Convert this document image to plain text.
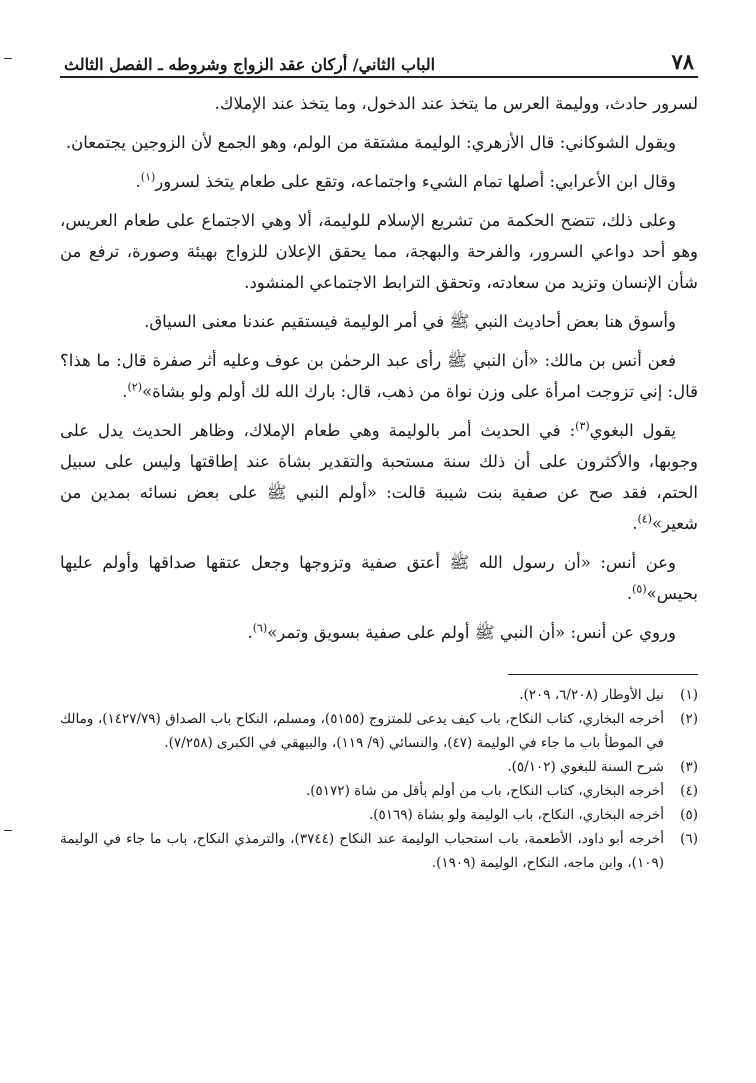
٧٨
الباب الثاني/ أركان عقد الزواج وشروطه ـ الفصل الثالث

لسرور حادث، ووليمة العرس ما يتخذ عند الدخول، وما يتخذ عند الإملاك.

ويقول الشوكاني: قال الأزهري: الوليمة مشتقة من الولم، وهو الجمع لأن الزوجين يجتمعان.

وقال ابن الأعرابي: أصلها تمام الشيء واجتماعه، وتقع على طعام يتخذ لسرور$^{(١)}$.

وعلى ذلك، تتضح الحكمة من تشريع الإسلام للوليمة، ألا وهي الاجتماع على طعام العريس، وهو أحد دواعي السرور، والفرحة والبهجة، مما يحقق الإعلان للزواج بهيئة وصورة، ترفع من شأن الإنسان وتزيد من سعادته، وتحقق الترابط الاجتماعي المنشود.

وأسوق هنا بعض أحاديث النبي ﷺ في أمر الوليمة فيستقيم عندنا معنى السياق.

فعن أنس بن مالك: «أن النبي ﷺ رأى عبد الرحمٰن بن عوف وعليه أثر صفرة قال: ما هذا؟ قال: إني تزوجت امرأة على وزن نواة من ذهب، قال: بارك الله لك أولم ولو بشاة»$^{(٢)}$.

يقول البغوي$^{(٣)}$: في الحديث أمر بالوليمة وهي طعام الإملاك، وظاهر الحديث يدل على وجوبها، والأكثرون على أن ذلك سنة مستحبة والتقدير بشاة عند إطاقتها وليس على سبيل الحتم، فقد صح عن صفية بنت شيبة قالت: «أولم النبي ﷺ على بعض نسائه بمدين من شعير»$^{(٤)}$.

وعن أنس: «أن رسول الله ﷺ أعتق صفية وتزوجها وجعل عتقها صداقها وأولم عليها بحيس»$^{(٥)}$.

وروي عن أنس: «أن النبي ﷺ أولم على صفية بسويق وتمر»$^{(٦)}$.

(١)
نيل الأوطار (٦/٢٠٨، ٢٠٩).
(٢)
أخرجه البخاري، كتاب النكاح، باب كيف يدعى للمتزوج (٥١٥٥)، ومسلم، النكاح باب الصداق (١٤٢٧/٧٩)، ومالك في الموطأ باب ما جاء في الوليمة (٤٧)، والنسائي (٩/ ١١٩)، والبيهقي في الكبرى (٧/٢٥٨).
(٣)
شرح السنة للبغوي (٥/١٠٢).
(٤)
أخرجه البخاري، كتاب النكاح، باب من أولم بأقل من شاة (٥١٧٢).
(٥)
أخرجه البخاري، النكاح، باب الوليمة ولو بشاة (٥١٦٩).
(٦)
أخرجه أبو داود، الأطعمة، باب استحباب الوليمة عند النكاح (٣٧٤٤)، والترمذي النكاح، باب ما جاء في الوليمة (١٠٩)، وابن ماجه، النكاح، الوليمة (١٩٠٩).
